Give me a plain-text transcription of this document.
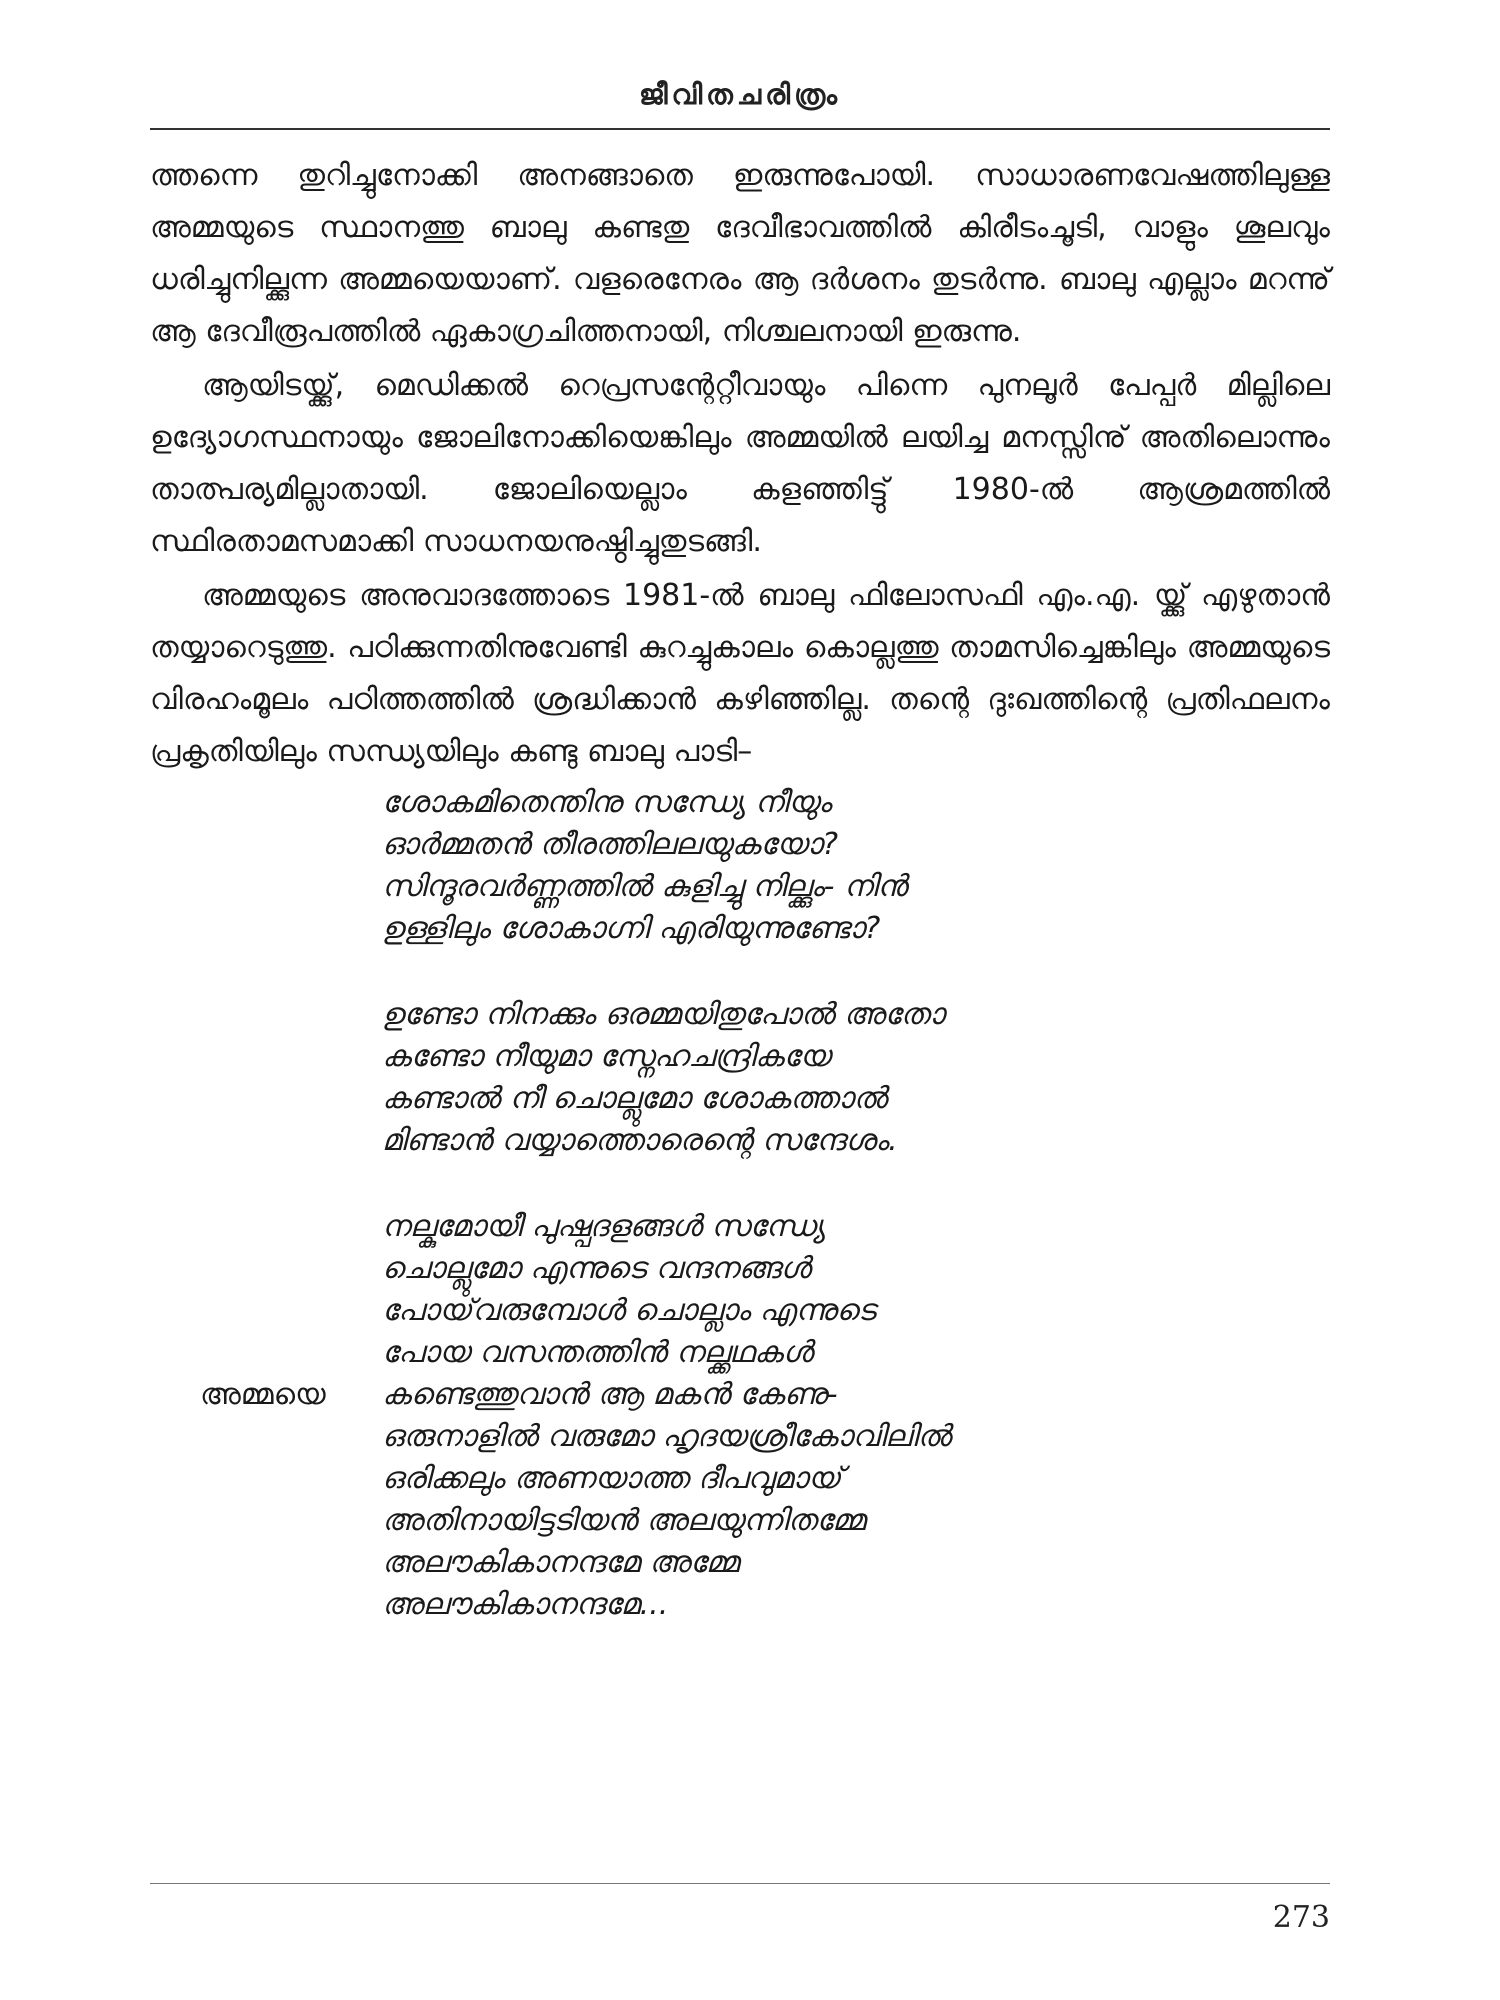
ജീവിതചരിത്രം

ത്തന്നെ തുറിച്ചുനോക്കി അനങ്ങാതെ ഇരുന്നുപോയി. സാധാരണവേഷത്തിലുള്ള അമ്മയുടെ സ്ഥാനത്തു ബാലു കണ്ടതു ദേവീഭാവത്തിൽ കിരീടംചൂടി, വാളും ശൂലവും ധരിച്ചുനില്ക്കുന്ന അമ്മയെയാണ്. വളരെനേരം ആ ദർശനം തുടർന്നു. ബാലു എല്ലാം മറന്നു് ആ ദേവീരൂപത്തിൽ ഏകാഗ്രചിത്തനായി, നിശ്ചലനായി ഇരുന്നു.

ആയിടയ്ക്കു്, മെഡിക്കൽ റെപ്രസന്റേറ്റീവായും പിന്നെ പുനലൂർ പേപ്പർ മില്ലിലെ ഉദ്യോഗസ്ഥനായും ജോലിനോക്കിയെങ്കിലും അമ്മയിൽ ലയിച്ച മനസ്സിനു് അതിലൊന്നും താത്പര്യമില്ലാതായി. ജോലിയെല്ലാം കളഞ്ഞിട്ടു് 1980-ൽ ആശ്രമത്തിൽ സ്ഥിരതാമസമാക്കി സാധനയനുഷ്ഠിച്ചുതുടങ്ങി.

അമ്മയുടെ അനുവാദത്തോടെ 1981-ൽ ബാലു ഫിലോസഫി എം.എ. യ്ക്കു് എഴുതാൻ തയ്യാറെടുത്തു. പഠിക്കുന്നതിനുവേണ്ടി കുറച്ചുകാലം കൊല്ലത്തു താമസിച്ചെങ്കിലും അമ്മയുടെ വിരഹംമൂലം പഠിത്തത്തിൽ ശ്രദ്ധിക്കാൻ കഴിഞ്ഞില്ല. തന്റെ ദുഃഖത്തിന്റെ പ്രതിഫലനം പ്രകൃതിയിലും സന്ധ്യയിലും കണ്ടു ബാലു പാടി–

ശോകമിതെന്തിനു സന്ധ്യേ നീയും
ഓർമ്മതൻ തീരത്തിലലയുകയോ?
സിന്ദൂരവർണ്ണത്തിൽ കുളിച്ചു നില്ക്കും- നിൻ
ഉള്ളിലും ശോകാഗ്നി എരിയുന്നുണ്ടോ?
ഉണ്ടോ നിനക്കും ഒരമ്മയിതുപോൽ അതോ
കണ്ടോ നീയുമാ സ്നേഹചന്ദ്രികയേ
കണ്ടാൽ നീ ചൊല്ലുമോ ശോകത്താൽ
മിണ്ടാൻ വയ്യാത്തൊരെന്റെ സന്ദേശം.
നല്കുമോയീ പുഷ്പദളങ്ങൾ സന്ധ്യേ
ചൊല്ലുമോ എന്നുടെ വന്ദനങ്ങൾ
പോയ്‌വരുമ്പോൾ ചൊല്ലാം എന്നുടെ
പോയ വസന്തത്തിൻ നല്ക്കഥകൾ
അമ്മയെ കണ്ടെത്തുവാൻ ആ മകൻ കേണു-
ഒരുനാളിൽ വരുമോ ഹൃദയശ്രീകോവിലിൽ
ഒരിക്കലും അണയാത്ത ദീപവുമായ്
അതിനായിട്ടടിയൻ അലയുന്നിതമ്മേ
അലൗകികാനന്ദമേ അമ്മേ
അലൗകികാനന്ദമേ...
273
